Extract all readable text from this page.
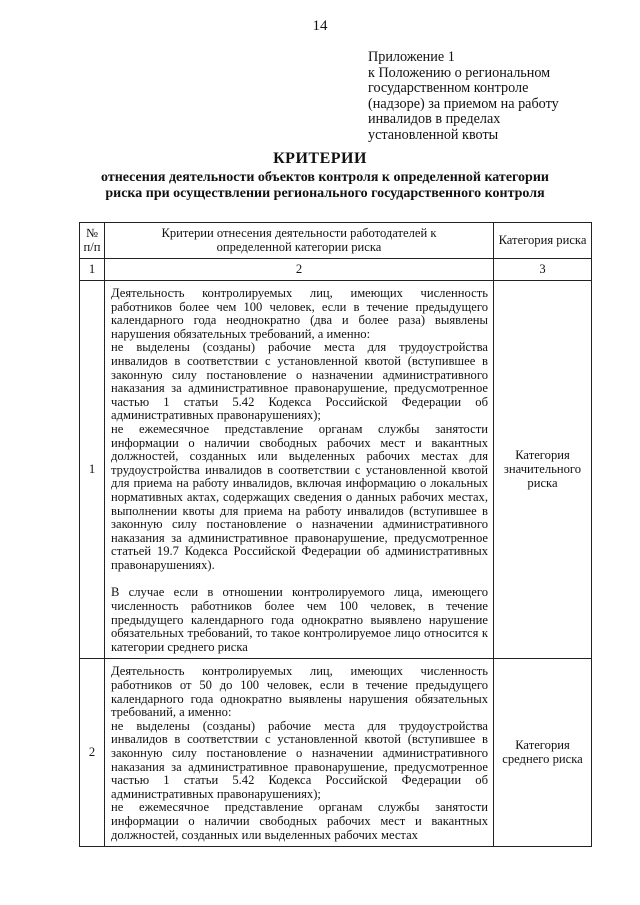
14
Приложение 1
к Положению о региональном
государственном контроле
(надзоре) за приемом на работу
инвалидов в пределах
установленной квоты
КРИТЕРИИ
отнесения деятельности объектов контроля к определенной категории
риска при осуществлении регионального государственного контроля
№ п/п	Критерии отнесения деятельности работодателей к определенной категории риска	Категория риска
1	2	3
1	Деятельность контролируемых лиц, имеющих численность работников более чем 100 человек, если в течение предыдущего календарного года неоднократно (два и более раза) выявлены нарушения обязательных требований, а именно:

не выделены (созданы) рабочие места для трудоустройства инвалидов в соответствии с установленной квотой (вступившее в законную силу постановление о назначении административного наказания за административное правонарушение, предусмотренное частью 1 статьи 5.42 Кодекса Российской Федерации об административных правонарушениях);

не ежемесячное представление органам службы занятости информации о наличии свободных рабочих мест и вакантных должностей, созданных или выделенных рабочих местах для трудоустройства инвалидов в соответствии с установленной квотой для приема на работу инвалидов, включая информацию о локальных нормативных актах, содержащих сведения о данных рабочих местах, выполнении квоты для приема на работу инвалидов (вступившее в законную силу постановление о назначении административного наказания за административное правонарушение, предусмотренное статьей 19.7 Кодекса Российской Федерации об административных правонарушениях).

В случае если в отношении контролируемого лица, имеющего численность работников более чем 100 человек, в течение предыдущего календарного года однократно выявлено нарушение обязательных требований, то такое контролируемое лицо относится к категории среднего риска	Категория значительного риска
2	Деятельность контролируемых лиц, имеющих численность работников от 50 до 100 человек, если в течение предыдущего календарного года однократно выявлены нарушения обязательных требований, а именно:

не выделены (созданы) рабочие места для трудоустройства инвалидов в соответствии с установленной квотой (вступившее в законную силу постановление о назначении административного наказания за административное правонарушение, предусмотренное частью 1 статьи 5.42 Кодекса Российской Федерации об административных правонарушениях);

не ежемесячное представление органам службы занятости информации о наличии свободных рабочих мест и вакантных должностей, созданных или выделенных рабочих местах	Категория среднего риска
